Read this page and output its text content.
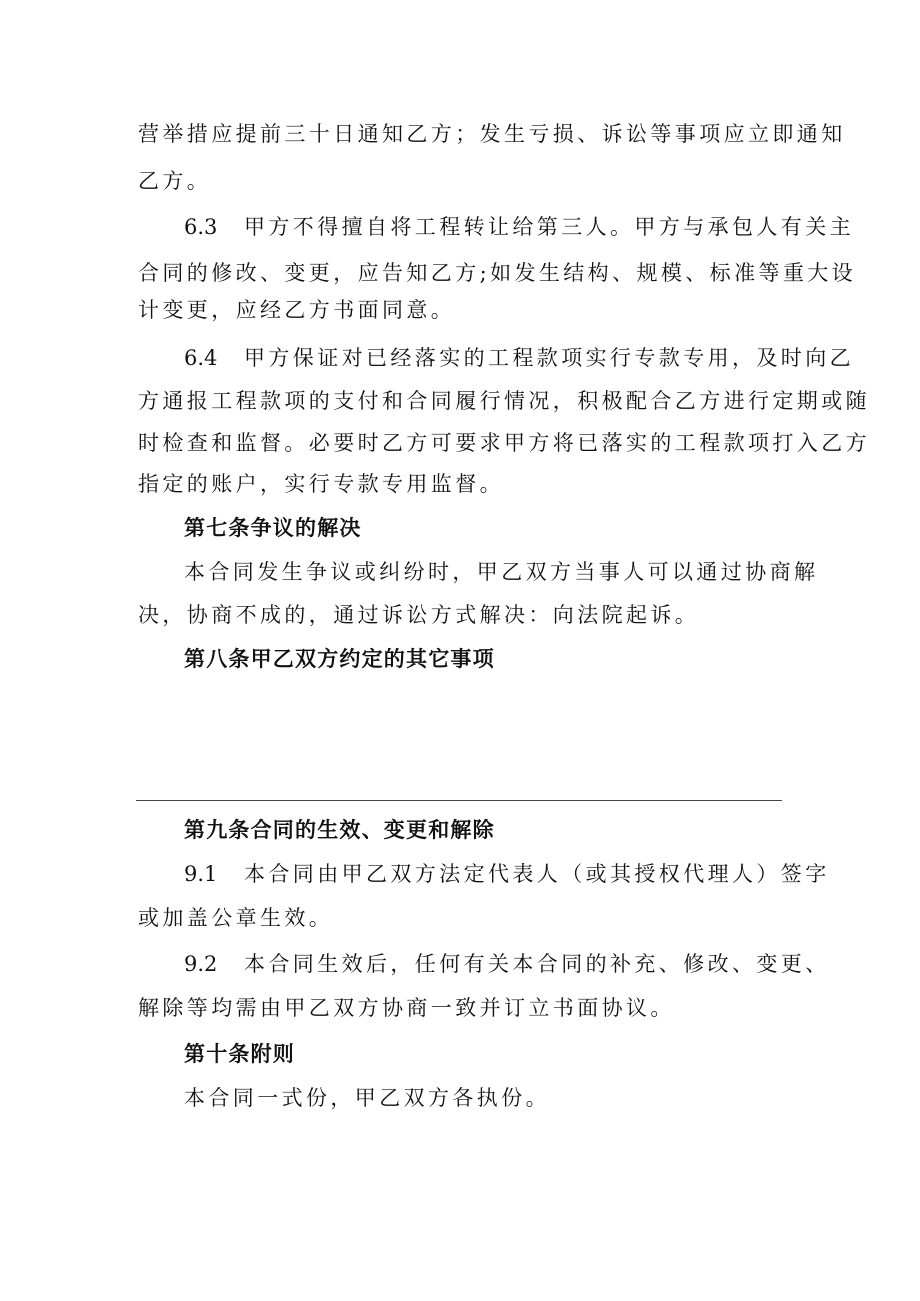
营举措应提前三十日通知乙方；发生亏损、诉讼等事项应立即通知

乙方。

6.3 甲方不得擅自将工程转让给第三人。甲方与承包人有关主

合同的修改、变更，应告知乙方;如发生结构、规模、标准等重大设

计变更，应经乙方书面同意。

6.4 甲方保证对已经落实的工程款项实行专款专用，及时向乙

方通报工程款项的支付和合同履行情况，积极配合乙方进行定期或随

时检查和监督。必要时乙方可要求甲方将已落实的工程款项打入乙方

指定的账户，实行专款专用监督。

第七条争议的解决

本合同发生争议或纠纷时，甲乙双方当事人可以通过协商解

决，协商不成的，通过诉讼方式解决：向法院起诉。

第八条甲乙双方约定的其它事项

第九条合同的生效、变更和解除

9.1 本合同由甲乙双方法定代表人（或其授权代理人）签字

或加盖公章生效。

9.2 本合同生效后，任何有关本合同的补充、修改、变更、

解除等均需由甲乙双方协商一致并订立书面协议。

第十条附则

本合同一式份，甲乙双方各执份。
